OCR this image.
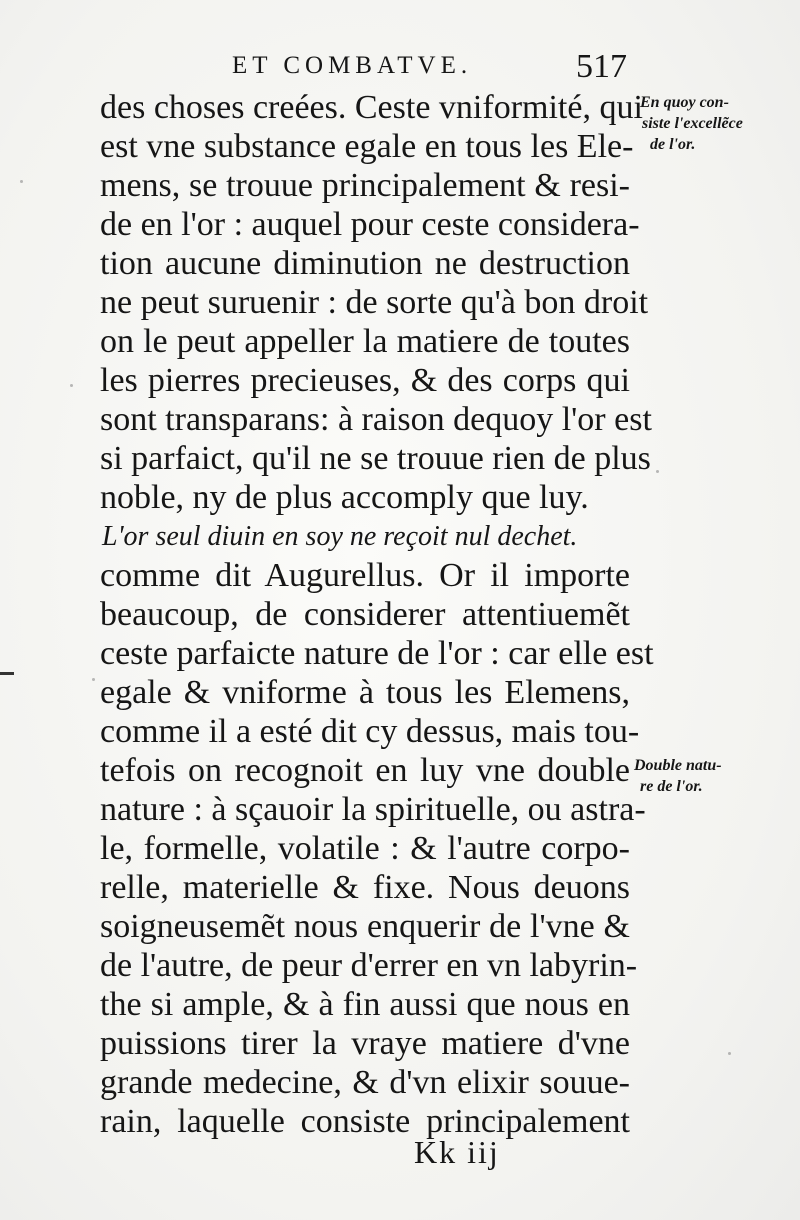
ET COMBATVE.	517
des choses creées. Ceste vniformité, qui
est vne substance egale en tous les Ele-
mens, se trouue principalement & resi-
de en l'or : auquel pour ceste considera-
tion aucune diminution ne destruction
ne peut suruenir : de sorte qu'à bon droit
on le peut appeller la matiere de toutes
les pierres precieuses, & des corps qui
sont transparans: à raison dequoy l'or est
si parfaict, qu'il ne se trouue rien de plus
noble, ny de plus accomply que luy.
L'or seul diuin en soy ne reçoit nul dechet.
comme dit Augurellus. Or il importe
beaucoup, de considerer attentiuemẽt
ceste parfaicte nature de l'or : car elle est
egale & vniforme à tous les Elemens,
comme il a esté dit cy dessus, mais tou-
tefois on recognoit en luy vne double
nature : à sçauoir la spirituelle, ou astra-
le, formelle, volatile : & l'autre corpo-
relle, materielle & fixe. Nous deuons
soigneusemẽt nous enquerir de l'vne &
de l'autre, de peur d'errer en vn labyrin-
the si ample, & à fin aussi que nous en
puissions tirer la vraye matiere d'vne
grande medecine, & d'vn elixir souue-
rain, laquelle consiste principalement
Kk iij
En quoy con-
siste l'excellẽce
de l'or.
Double natu-
re de l'or.
